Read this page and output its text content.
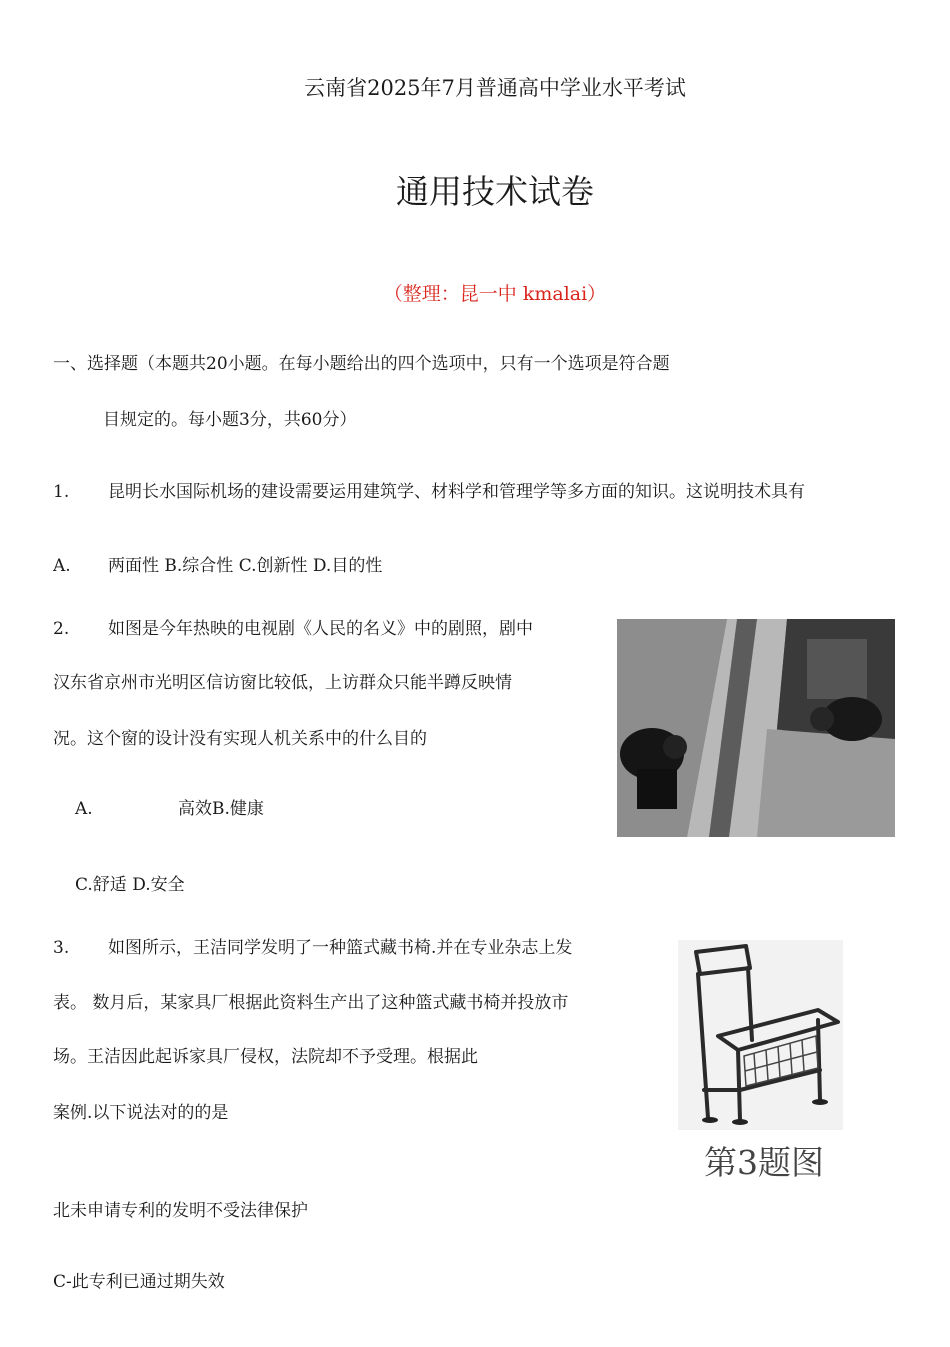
云南省2025年7月普通高中学业水平考试
通用技术试卷
（整理：昆一中 kmalai）
一、选择题（本题共20小题。在每小题给出的四个选项中，只有一个选项是符合题
目规定的。每小题3分，共60分）
1. 昆明长水国际机场的建设需要运用建筑学、材料学和管理学等多方面的知识。这说明技术具有
A. 两面性 B.综合性 C.创新性 D.目的性
2. 如图是今年热映的电视剧《人民的名义》中的剧照，剧中
汉东省京州市光明区信访窗比较低，上访群众只能半蹲反映情
况。这个窗的设计没有实现人机关系中的什么目的
A.	高效B.健康
C.舒适 D.安全
3. 如图所示，王洁同学发明了一种篮式藏书椅.并在专业杂志上发
表。 数月后，某家具厂根据此资料生产出了这种篮式藏书椅并投放市
场。王洁因此起诉家具厂侵权，法院却不予受理。根据此
案例.以下说法对的的是
第3题图
北未申请专利的发明不受法律保护
C-此专利已通过期失效
